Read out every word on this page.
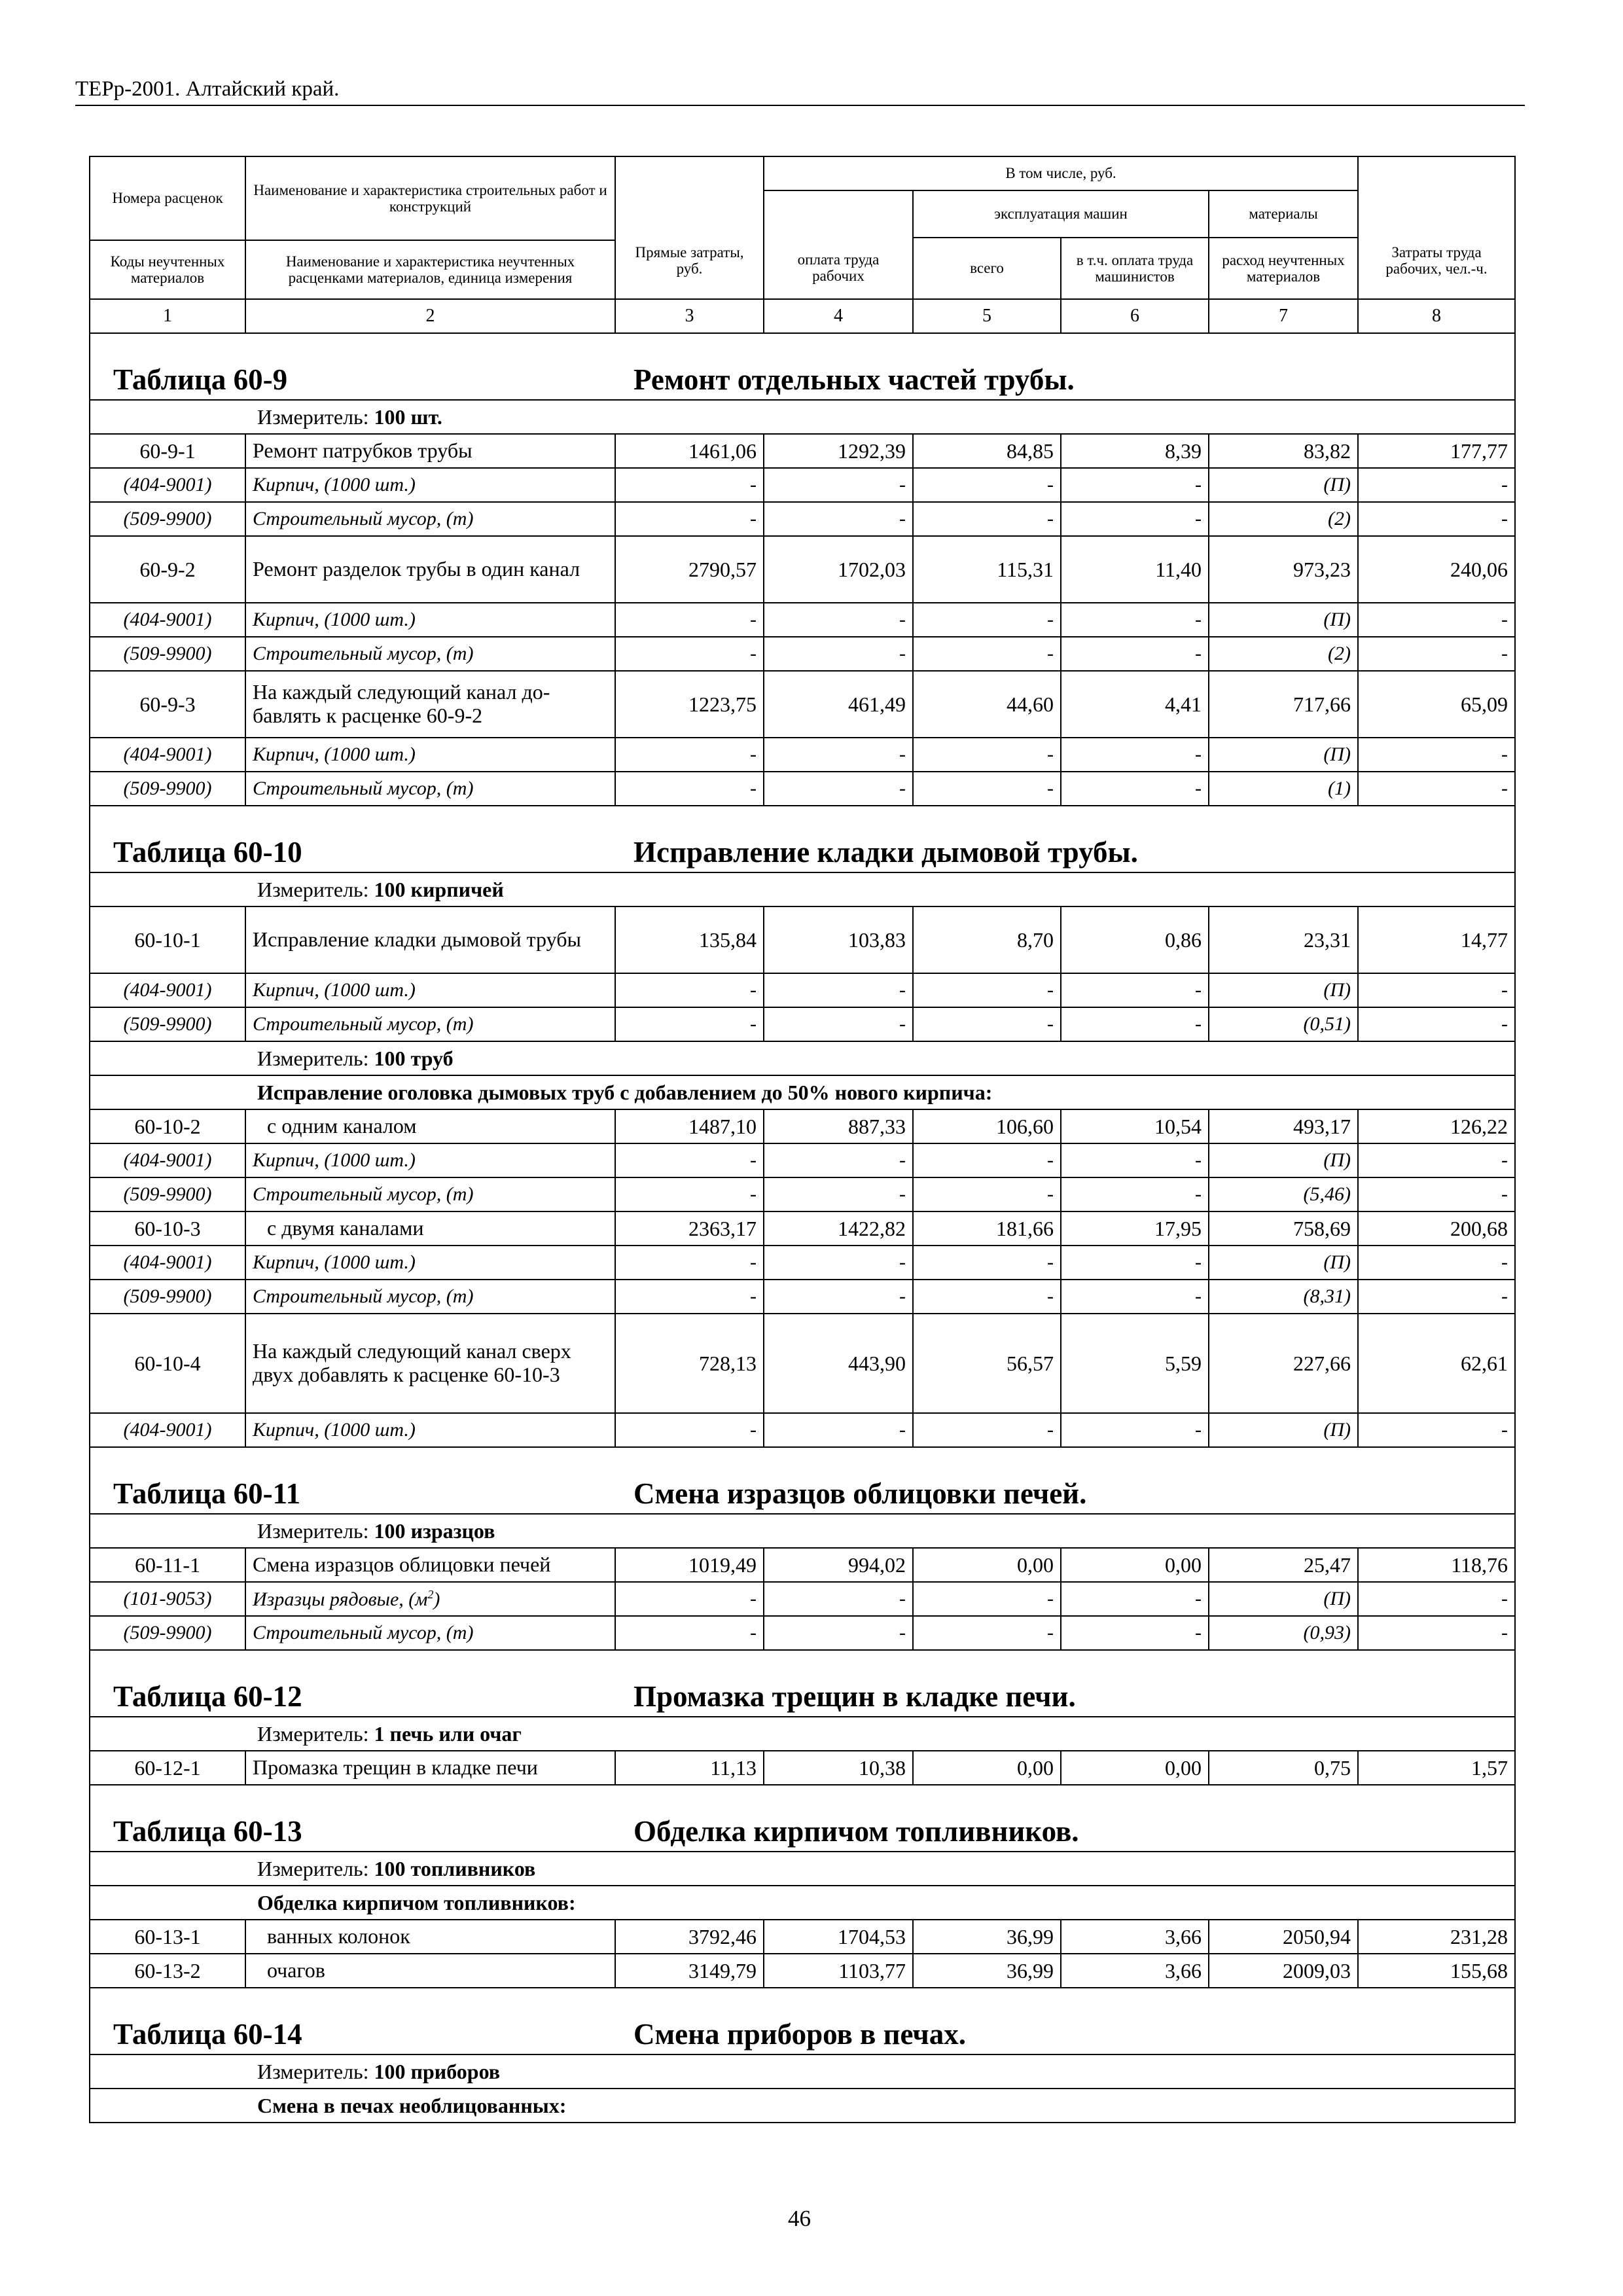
ТЕРр-2001. Алтайский край.
Номера расценок	Наименование и характеристика строительных работ и конструкций	Прямые затраты, руб.	В том числе, руб.				Затраты труда рабочих, чел.-ч.
			оплата труда рабочих	эксплуатация машин		материалы	
				всего	в т.ч. оплата труда машинистов	расход неучтенных материалов	
Коды неучтенных материалов	Наименование и характеристика неучтенных расценками материалов, единица измерения						
1	2	3	4	5	6	7	8

Таблица 60-9 Ремонт отдельных частей трубы.							

Измеритель: 100 шт.							
60-9-1	Ремонт патрубков трубы	1461,06	1292,39	84,85	8,39	83,82	177,77
(404-9001)	Кирпич, (1000 шт.)	-	-	-	-	(П)	-
(509-9900)	Строительный мусор, (т)	-	-	-	-	(2)	-
60-9-2	Ремонт разделок трубы в один канал	2790,57	1702,03	115,31	11,40	973,23	240,06
(404-9001)	Кирпич, (1000 шт.)	-	-	-	-	(П)	-
(509-9900)	Строительный мусор, (т)	-	-	-	-	(2)	-
60-9-3	На каждый следующий канал добавлять к расценке 60-9-2	1223,75	461,49	44,60	4,41	717,66	65,09
(404-9001)	Кирпич, (1000 шт.)	-	-	-	-	(П)	-
(509-9900)	Строительный мусор, (т)	-	-	-	-	(1)	-

Таблица 60-10 Исправление кладки дымовой трубы.							

Измеритель: 100 кирпичей							
60-10-1	Исправление кладки дымовой трубы	135,84	103,83	8,70	0,86	23,31	14,77
(404-9001)	Кирпич, (1000 шт.)	-	-	-	-	(П)	-
(509-9900)	Строительный мусор, (т)	-	-	-	-	(0,51)	-
Измеритель: 100 труб							
Исправление оголовка дымовых труб с добавлением до 50% нового кирпича:							
60-10-2	с одним каналом	1487,10	887,33	106,60	10,54	493,17	126,22
(404-9001)	Кирпич, (1000 шт.)	-	-	-	-	(П)	-
(509-9900)	Строительный мусор, (т)	-	-	-	-	(5,46)	-
60-10-3	с двумя каналами	2363,17	1422,82	181,66	17,95	758,69	200,68
(404-9001)	Кирпич, (1000 шт.)	-	-	-	-	(П)	-
(509-9900)	Строительный мусор, (т)	-	-	-	-	(8,31)	-
60-10-4	На каждый следующий канал сверх двух добавлять к расценке 60-10-3	728,13	443,90	56,57	5,59	227,66	62,61
(404-9001)	Кирпич, (1000 шт.)	-	-	-	-	(П)	-

Таблица 60-11 Смена изразцов облицовки печей.							

Измеритель: 100 изразцов							
60-11-1	Смена изразцов облицовки печей	1019,49	994,02	0,00	0,00	25,47	118,76
(101-9053)	Изразцы рядовые, $(м^2)$	-	-	-	-	(П)	-
(509-9900)	Строительный мусор, (т)	-	-	-	-	(0,93)	-

Таблица 60-12 Промазка трещин в кладке печи.							

Измеритель: 1 печь или очаг							
60-12-1	Промазка трещин в кладке печи	11,13	10,38	0,00	0,00	0,75	1,57

Таблица 60-13 Обделка кирпичом топливников.							

Измеритель: 100 топливников							
Обделка кирпичом топливников:							
60-13-1	ванных колонок	3792,46	1704,53	36,99	3,66	2050,94	231,28
60-13-2	очагов	3149,79	1103,77	36,99	3,66	2009,03	155,68

Таблица 60-14 Смена приборов в печах.							

Измеритель: 100 приборов							
Смена в печах необлицованных:							
46
